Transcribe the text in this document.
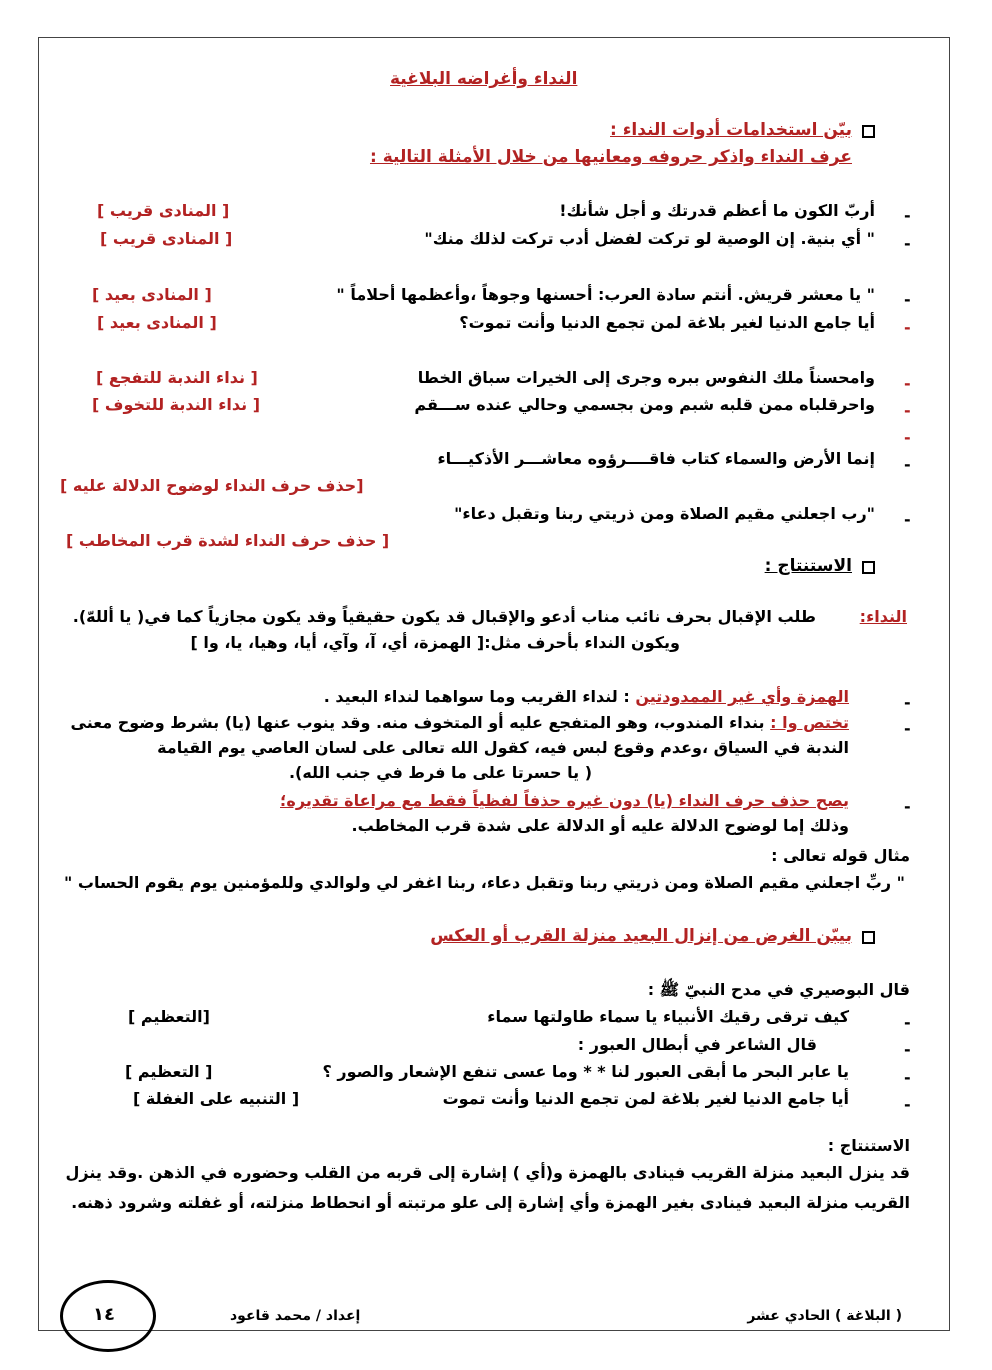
النداء وأغراضه البلاغية
بيّن استخدامات أدوات النداء :
عرف النداء واذكر حروفه ومعانيها من خلال الأمثلة التالية :
-
أربّ الكون ما أعظم قدرتك و أجل شأنك!
[ المنادى قريب ]
-
" أي بنية. إن الوصية لو تركت لفضل أدب تركت لذلك منك"
[ المنادى قريب ]
-
" يا معشر قريش. أنتم سادة العرب: أحسنها وجوهاً ،وأعظمها أحلاماً "
[ المنادى بعيد ]
-
أيا جامع الدنيا لغير بلاغة لمن تجمع الدنيا وأنت تموت؟
[ المنادى بعيد ]
-
وامحسناً ملك النفوس ببره وجرى إلى الخيرات سباق الخطا
[ نداء الندبة للتفجع ]
-
واحرقلباه ممن قلبه شبم ومن بجسمي وحالي عنده ســـقم
[ نداء الندبة للتخوف ]
-
-
إنما الأرض والسماء كتاب فاقــــرؤوه معاشـــر الأذكيـــاء
[حذف حرف النداء لوضوح الدلالة عليه ]
-
"رب اجعلني مقيم الصلاة ومن ذريتي ربنا وتقبل دعاء"
[ حذف حرف النداء لشدة قرب المخاطب ]
الاستنتاج :
النداء:
طلب الإقبال بحرف نائب مناب أدعو والإقبال قد يكون حقيقياً وقد يكون مجازياً كما في( يا أللهّ).
ويكون النداء بأحرف مثل:[ الهمزة، أي، آ، وآي، أيا، وهيا، يا، وا ]
-
الهمزة وأي غير الممدودتين : لنداء القريب وما سواهما لنداء البعيد .
-
تختص وا : بنداء المندوب، وهو المتفجع عليه أو المتخوف منه. وقد ينوب عنها (يا) بشرط وضوح معنى
الندبة في السياق ،وعدم وقوع لبس فيه، كقول الله تعالى على لسان العاصي يوم القيامة
( يا حسرتا على ما فرط في جنب الله).
-
يصح حذف حرف النداء (يا) دون غيره حذفاً لفظياً فقط مع مراعاة تقديره؛
وذلك إما لوضوح الدلالة عليه أو الدلالة على شدة قرب المخاطب.
مثال قوله تعالى :
" ربِّ اجعلني مقيم الصلاة ومن ذريتي ربنا وتقبل دعاء، ربنا اغفر لي ولوالدي وللمؤمنين يوم يقوم الحساب "
بيبّن الغرض من إنزال البعيد منزلة القرب أو العكس
قال البوصيري في مدح النبيّ ﷺ :
-
كيف ترقى رقيك الأنبياء يا سماء طاولتها سماء
[التعظيم ]
-
قال الشاعر في أبطال العبور :
-
يا عابر البحر ما أبقى العبور لنا * * وما عسى تنفع الإشعار والصور ؟
[ التعظيم ]
-
أيا جامع الدنيا لغير بلاغة لمن تجمع الدنيا وأنت تموت
[ التنبيه على الغفلة ]
الاستنتاج :
قد ينزل البعيد منزلة القريب فينادى بالهمزة و(أي ) إشارة إلى قربه من القلب وحضوره في الذهن .وقد ينزل
القريب منزلة البعيد فينادى بغير الهمزة وأي إشارة إلى علو مرتبته أو انحطاط منزلته، أو غفلته وشرود ذهنه.
( البلاغة ) الحادي عشر
إعداد / محمد قاعود
١٤
